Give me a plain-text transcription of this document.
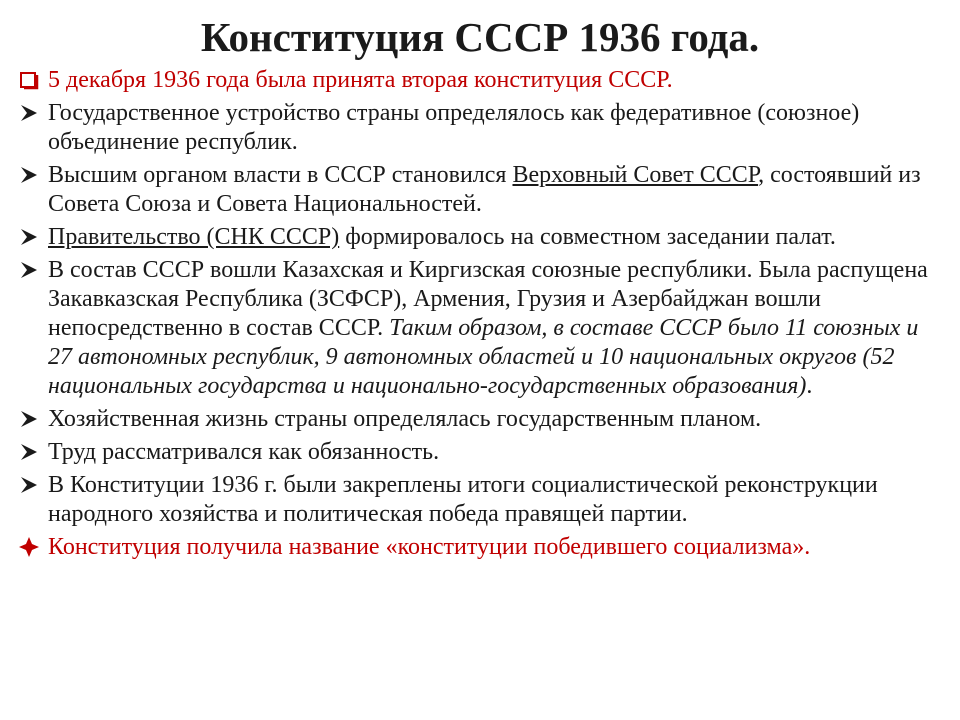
Конституция СССР 1936 года.
5 декабря 1936 года была принята вторая конституция СССР.
Государственное устройство страны определялось как федеративное (союзное) объединение республик.
Высшим органом власти в СССР становился Верховный Совет СССР, состоявший из Совета Союза и Совета Национальностей.
Правительство (СНК СССР) формировалось на совместном заседании палат.
В состав СССР вошли Казахская и Киргизская союзные республики. Была распущена Закавказская Республика (ЗСФСР), Армения, Грузия и Азербайджан вошли непосредственно в состав СССР. Таким образом, в составе СССР было 11 союзных и 27 автономных республик, 9 автономных областей и 10 национальных округов (52 национальных государства и национально-государственных образования).
Хозяйственная жизнь страны определялась государственным планом.
Труд рассматривался как обязанность.
В Конституции 1936 г. были закреплены итоги социалистической реконструкции народного хозяйства и политическая победа правящей партии.
Конституция получила название «конституции победившего социализма».
